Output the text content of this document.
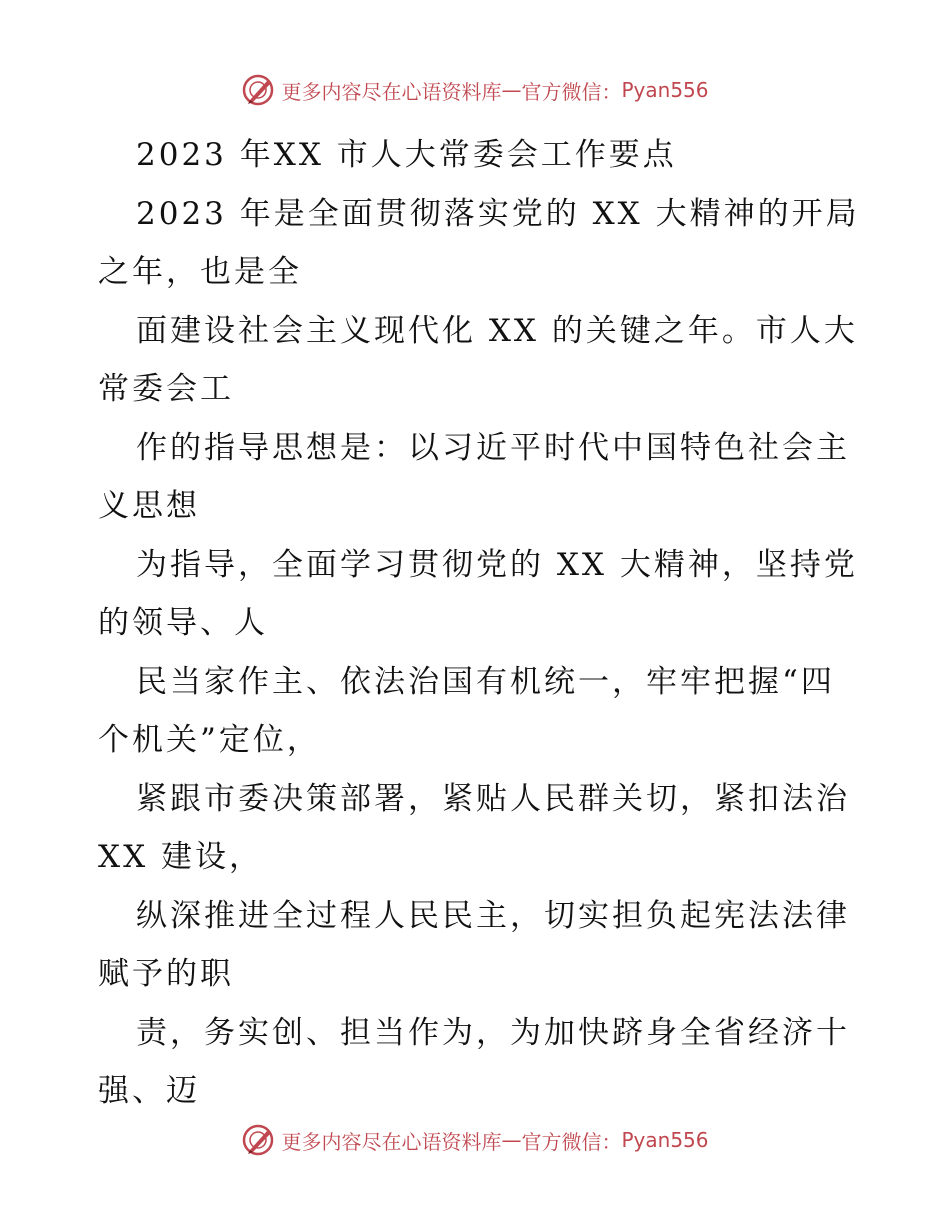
更多内容尽在心语资料库 — 官方微信： Pyan556
2023 年XX 市人大常委会工作要点
2023 年是全面贯彻落实党的 XX 大精神的开局
之年，也是全
面建设社会主义现代化 XX 的关键之年。市人大
常委会工
作的指导思想是：以习近平时代中国特色社会主
义思想
为指导，全面学习贯彻党的 XX 大精神，坚持党
的领导、人
民当家作主、依法治国有机统一，牢牢把握“四
个机关”定位，
紧跟市委决策部署，紧贴人民群关切，紧扣法治
XX 建设，
纵深推进全过程人民民主，切实担负起宪法法律
赋予的职
责，务实创、担当作为，为加快跻身全省经济十
强、迈
更多内容尽在心语资料库 — 官方微信： Pyan556
